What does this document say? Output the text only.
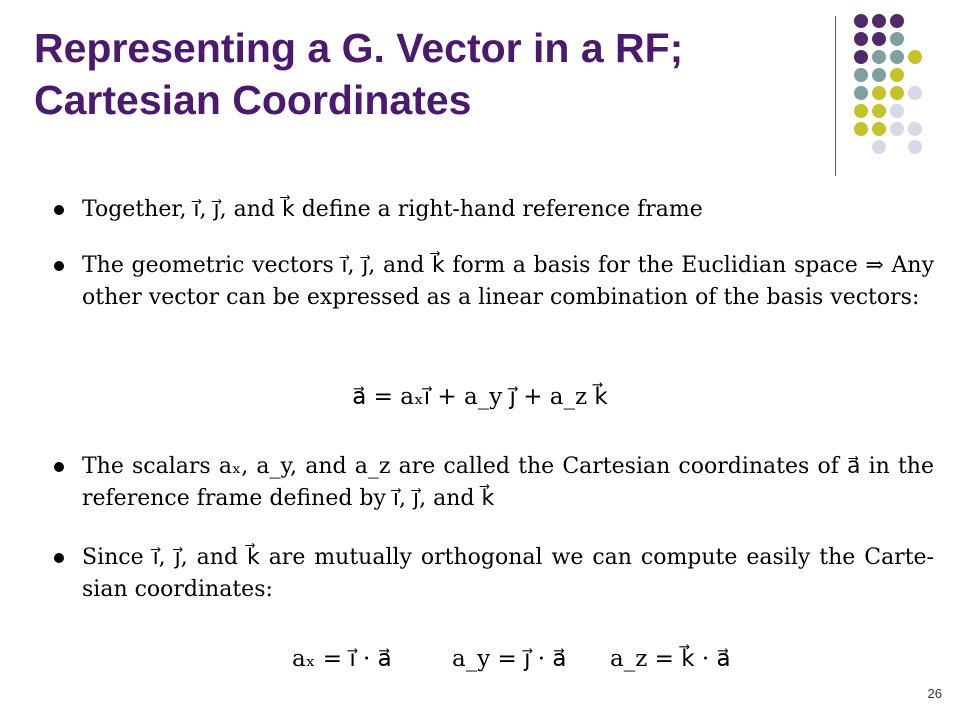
Representing a G. Vector in a RF;
Cartesian Coordinates
Together, i⃗, j⃗, and k⃗ define a right-hand reference frame
The geometric vectors i⃗, j⃗, and k⃗ form a basis for the Euclidian space ⇒ Any other vector can be expressed as a linear combination of the basis vectors:
a⃗ = aₓi⃗ + a_y j⃗ + a_z k⃗
The scalars aₓ, a_y, and a_z are called the Cartesian coordinates of a⃗ in the reference frame defined by i⃗, j⃗, and k⃗
Since i⃗, j⃗, and k⃗ are mutually orthogonal we can compute easily the Carte-sian coordinates:
aₓ = i⃗ · a⃗	a_y = j⃗ · a⃗ a_z = k⃗ · a⃗
26
